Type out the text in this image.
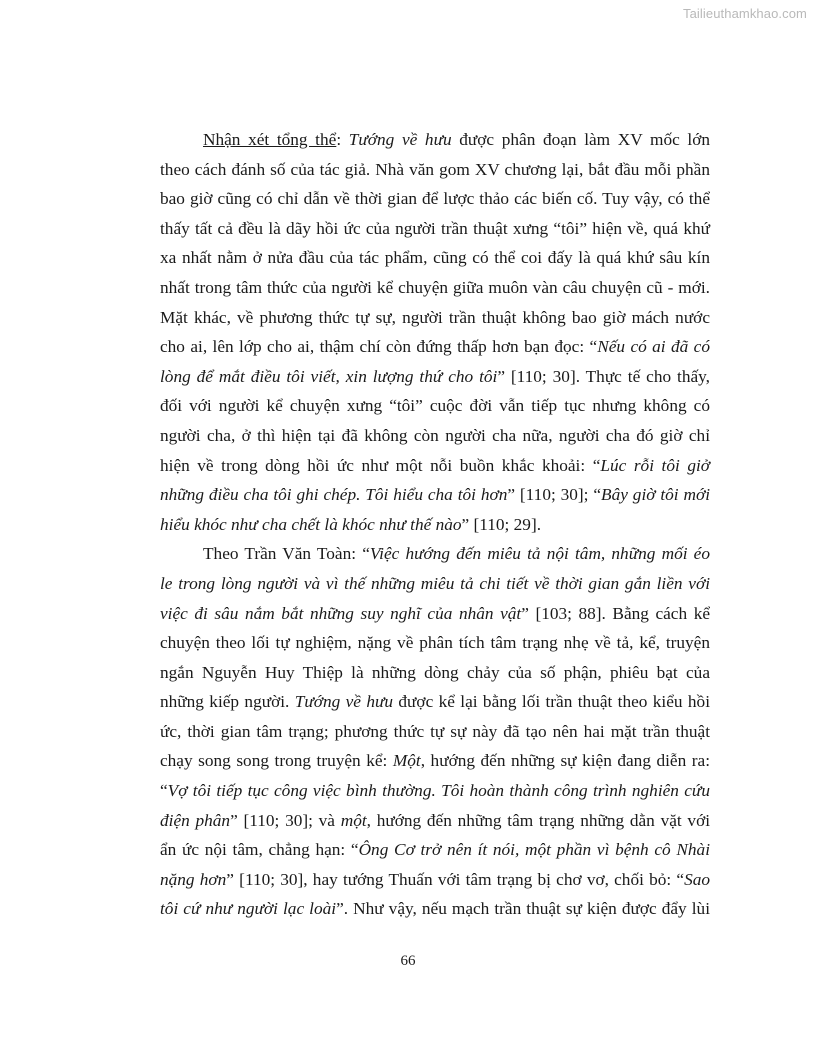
Tailieuthamkhao.com
Nhận xét tổng thể: Tướng về hưu được phân đoạn làm XV mốc lớn
theo cách đánh số của tác giả. Nhà văn gom XV chương lại, bắt đầu mỗi phần
bao giờ cũng có chỉ dẫn về thời gian để lược thảo các biến cố. Tuy vậy, có thể
thấy tất cả đều là dãy hồi ức của người trần thuật xưng “tôi” hiện về, quá khứ
xa nhất nằm ở nửa đầu của tác phẩm, cũng có thể coi đấy là quá khứ sâu kín
nhất trong tâm thức của người kể chuyện giữa muôn vàn câu chuyện cũ - mới.
Mặt khác, về phương thức tự sự, người trần thuật không bao giờ mách nước
cho ai, lên lớp cho ai, thậm chí còn đứng thấp hơn bạn đọc: “Nếu có ai đã có
lòng để mắt điều tôi viết, xin lượng thứ cho tôi” [110; 30]. Thực tế cho thấy,
đối với người kể chuyện xưng “tôi” cuộc đời vẫn tiếp tục nhưng không có
người cha, ở thì hiện tại đã không còn người cha nữa, người cha đó giờ chỉ
hiện về trong dòng hồi ức như một nỗi buồn khắc khoải: “Lúc rỗi tôi giở
những điều cha tôi ghi chép. Tôi hiểu cha tôi hơn” [110; 30]; “Bây giờ tôi mới
hiểu khóc như cha chết là khóc như thế nào” [110; 29].
Theo Trần Văn Toàn: “Việc hướng đến miêu tả nội tâm, những mối éo
le trong lòng người và vì thế những miêu tả chi tiết về thời gian gắn liền với
việc đi sâu nắm bắt những suy nghĩ của nhân vật” [103; 88]. Bằng cách kể
chuyện theo lối tự nghiệm, nặng về phân tích tâm trạng nhẹ về tả, kể, truyện
ngắn Nguyễn Huy Thiệp là những dòng chảy của số phận, phiêu bạt của
những kiếp người. Tướng về hưu được kể lại bằng lối trần thuật theo kiểu hồi
ức, thời gian tâm trạng; phương thức tự sự này đã tạo nên hai mặt trần thuật
chạy song song trong truyện kể: Một, hướng đến những sự kiện đang diễn ra:
“Vợ tôi tiếp tục công việc bình thường. Tôi hoàn thành công trình nghiên cứu
điện phân” [110; 30]; và một, hướng đến những tâm trạng những dằn vặt với
ẩn ức nội tâm, chẳng hạn: “Ông Cơ trở nên ít nói, một phần vì bệnh cô Nhài
nặng hơn” [110; 30], hay tướng Thuấn với tâm trạng bị chơ vơ, chối bỏ: “Sao
tôi cứ như người lạc loài”. Như vậy, nếu mạch trần thuật sự kiện được đẩy lùi
66
